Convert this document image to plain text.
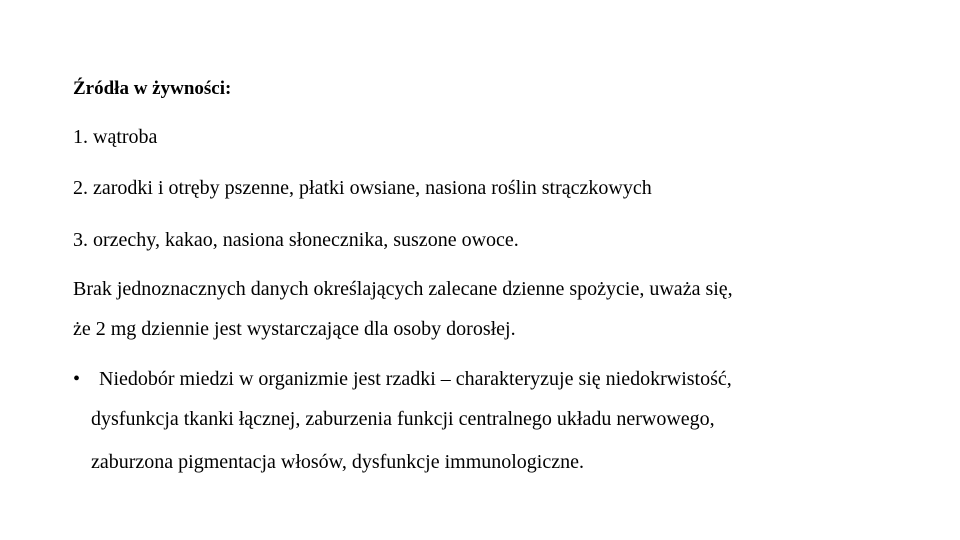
Źródła w żywności:
1. wątroba
2. zarodki i otręby pszenne, płatki owsiane, nasiona roślin strączkowych
3. orzechy, kakao, nasiona słonecznika, suszone owoce.
Brak jednoznacznych danych określających zalecane dzienne spożycie, uważa się,
że 2 mg dziennie jest wystarczające dla osoby dorosłej.
• Niedobór miedzi w organizmie jest rzadki – charakteryzuje się niedokrwistość,
dysfunkcja tkanki łącznej, zaburzenia funkcji centralnego układu nerwowego,
zaburzona pigmentacja włosów, dysfunkcje immunologiczne.
